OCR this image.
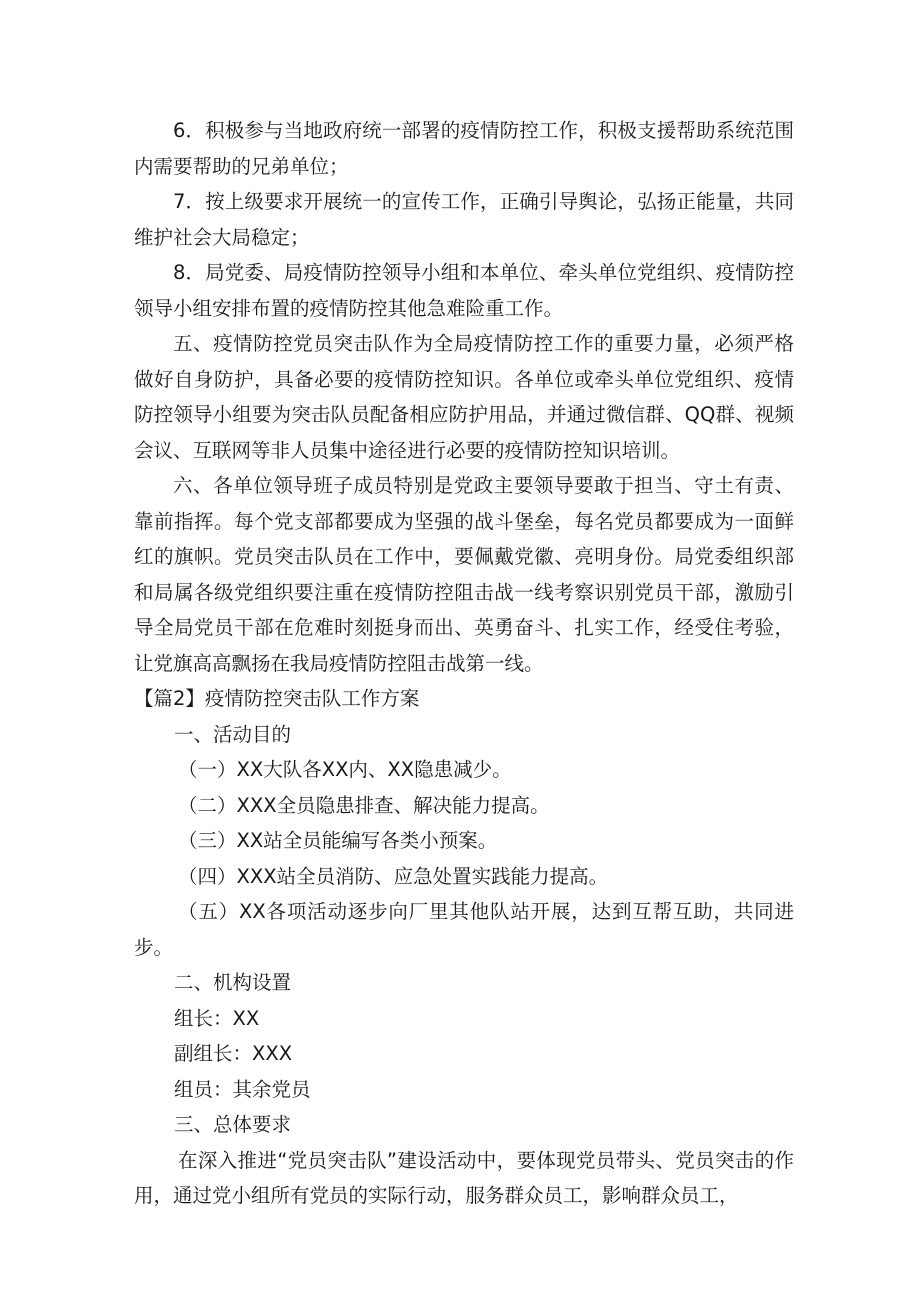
6．积极参与当地政府统一部署的疫情防控工作，积极支援帮助系统范围内需要帮助的兄弟单位；

7．按上级要求开展统一的宣传工作，正确引导舆论，弘扬正能量，共同维护社会大局稳定；

8．局党委、局疫情防控领导小组和本单位、牵头单位党组织、疫情防控领导小组安排布置的疫情防控其他急难险重工作。

五、疫情防控党员突击队作为全局疫情防控工作的重要力量，必须严格做好自身防护，具备必要的疫情防控知识。各单位或牵头单位党组织、疫情防控领导小组要为突击队员配备相应防护用品，并通过微信群、QQ群、视频会议、互联网等非人员集中途径进行必要的疫情防控知识培训。

六、各单位领导班子成员特别是党政主要领导要敢于担当、守土有责、靠前指挥。每个党支部都要成为坚强的战斗堡垒，每名党员都要成为一面鲜红的旗帜。党员突击队员在工作中，要佩戴党徽、亮明身份。局党委组织部和局属各级党组织要注重在疫情防控阻击战一线考察识别党员干部，激励引导全局党员干部在危难时刻挺身而出、英勇奋斗、扎实工作，经受住考验，让党旗高高飘扬在我局疫情防控阻击战第一线。

【篇2】疫情防控突击队工作方案

一、活动目的

（一）XX大队各XX内、XX隐患减少。

（二）XXX全员隐患排查、解决能力提高。

（三）XX站全员能编写各类小预案。

（四）XXX站全员消防、应急处置实践能力提高。

（五）XX各项活动逐步向厂里其他队站开展，达到互帮互助，共同进步。

二、机构设置

组长：XX

副组长：XXX

组员：其余党员

三、总体要求

在深入推进“党员突击队”建设活动中，要体现党员带头、党员突击的作用，通过党小组所有党员的实际行动，服务群众员工，影响群众员工，
